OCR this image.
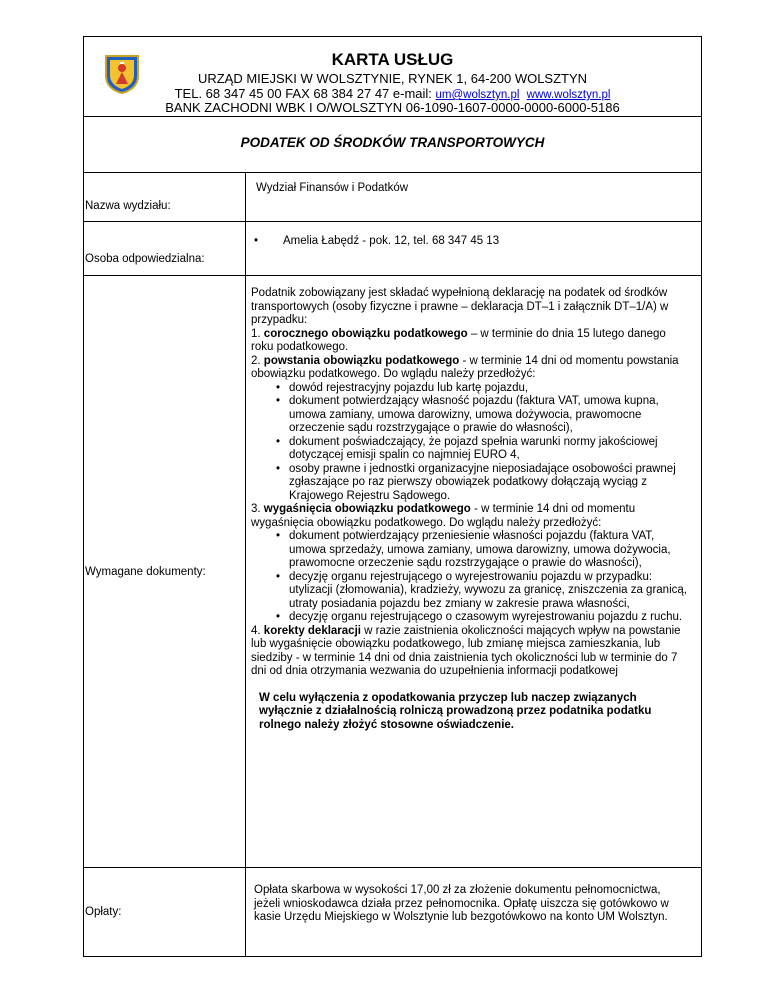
KARTA USŁUG
URZĄD MIEJSKI W WOLSZTYNIE, RYNEK 1, 64-200 WOLSZTYN
TEL. 68 347 45 00 FAX 68 384 27 47 e-mail: um@wolsztyn.pl www.wolsztyn.pl
BANK ZACHODNI WBK I O/WOLSZTYN 06-1090-1607-0000-0000-6000-5186
PODATEK OD ŚRODKÓW TRANSPORTOWYCH
Nazwa wydziału:
Wydział Finansów i Podatków
Osoba odpowiedzialna:
• Amelia Łabędź - pok. 12, tel. 68 347 45 13
Wymagane dokumenty:
Podatnik zobowiązany jest składać wypełnioną deklarację na podatek od środków transportowych (osoby fizyczne i prawne – deklaracja DT–1 i załącznik DT–1/A) w przypadku:
1. corocznego obowiązku podatkowego – w terminie do dnia 15 lutego danego roku podatkowego.
2. powstania obowiązku podatkowego - w terminie 14 dni od momentu powstania obowiązku podatkowego. Do wglądu należy przedłożyć:
• dowód rejestracyjny pojazdu lub kartę pojazdu,
• dokument potwierdzający własność pojazdu (faktura VAT, umowa kupna, umowa zamiany, umowa darowizny, umowa dożywocia, prawomocne orzeczenie sądu rozstrzygające o prawie do własności),
• dokument poświadczający, że pojazd spełnia warunki normy jakościowej dotyczącej emisji spalin co najmniej EURO 4,
• osoby prawne i jednostki organizacyjne nieposiadające osobowości prawnej zgłaszające po raz pierwszy obowiązek podatkowy dołączają wyciąg z Krajowego Rejestru Sądowego.
3. wygaśnięcia obowiązku podatkowego - w terminie 14 dni od momentu wygaśnięcia obowiązku podatkowego. Do wglądu należy przedłożyć:
• dokument potwierdzający przeniesienie własności pojazdu (faktura VAT, umowa sprzedaży, umowa zamiany, umowa darowizny, umowa dożywocia, prawomocne orzeczenie sądu rozstrzygające o prawie do własności),
• decyzję organu rejestrującego o wyrejestrowaniu pojazdu w przypadku: utylizacji (złomowania), kradzieży, wywozu za granicę, zniszczenia za granicą, utraty posiadania pojazdu bez zmiany w zakresie prawa własności,
• decyzję organu rejestrującego o czasowym wyrejestrowaniu pojazdu z ruchu.
4. korekty deklaracji w razie zaistnienia okoliczności mających wpływ na powstanie lub wygaśnięcie obowiązku podatkowego, lub zmianę miejsca zamieszkania, lub siedziby - w terminie 14 dni od dnia zaistnienia tych okoliczności lub w terminie do 7 dni od dnia otrzymania wezwania do uzupełnienia informacji podatkowej
W celu wyłączenia z opodatkowania przyczep lub naczep związanych wyłącznie z działalnością rolniczą prowadzoną przez podatnika podatku rolnego należy złożyć stosowne oświadczenie.
Opłaty:
Opłata skarbowa w wysokości 17,00 zł za złożenie dokumentu pełnomocnictwa, jeżeli wnioskodawca działa przez pełnomocnika. Opłatę uiszcza się gotówkowo w kasie Urzędu Miejskiego w Wolsztynie lub bezgotówkowo na konto UM Wolsztyn.
